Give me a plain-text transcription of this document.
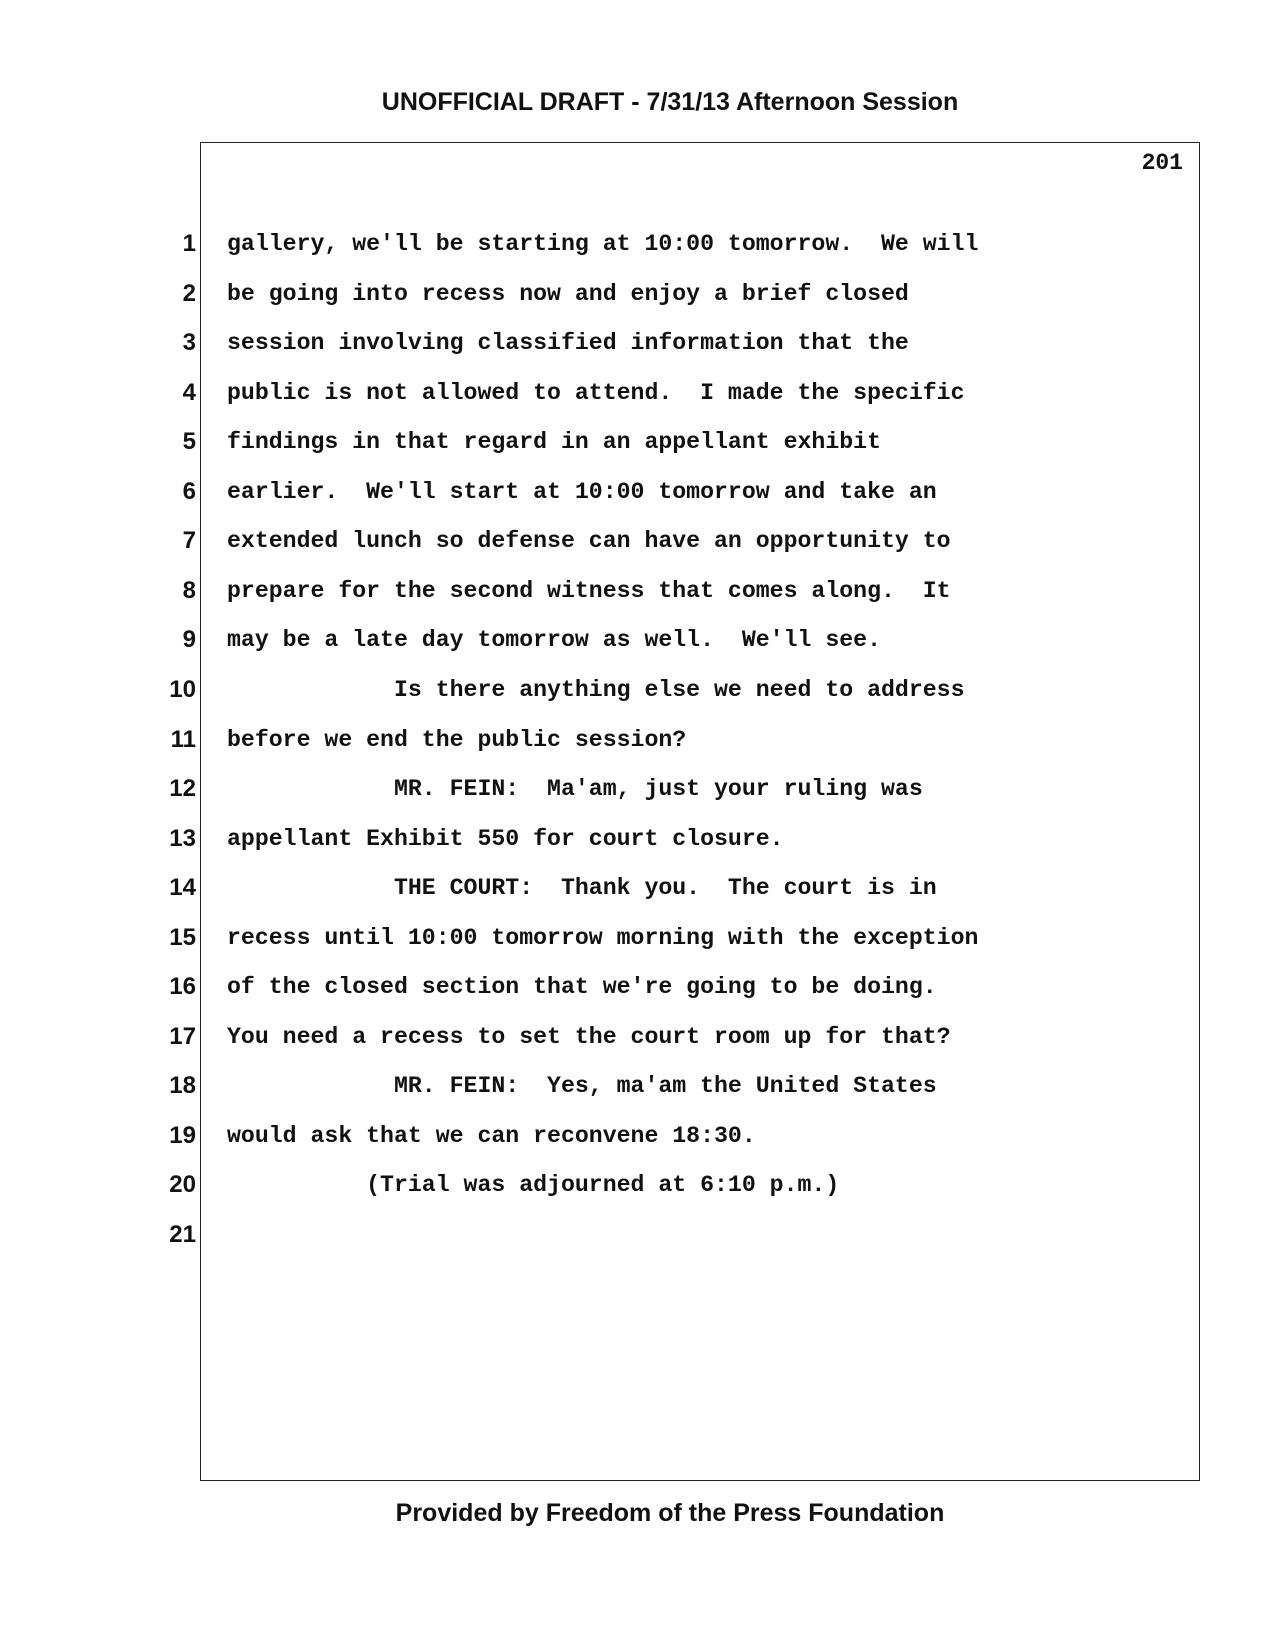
UNOFFICIAL DRAFT - 7/31/13 Afternoon Session
201
1
2
3
4
5
6
7
8
9
10
11
12
13
14
15
16
17
18
19
20
21
gallery, we'll be starting at 10:00 tomorrow.  We will
be going into recess now and enjoy a brief closed
session involving classified information that the
public is not allowed to attend.  I made the specific
findings in that regard in an appellant exhibit
earlier.  We'll start at 10:00 tomorrow and take an
extended lunch so defense can have an opportunity to
prepare for the second witness that comes along.  It
may be a late day tomorrow as well.  We'll see.
Is there anything else we need to address
before we end the public session?
MR. FEIN:  Ma'am, just your ruling was
appellant Exhibit 550 for court closure.
THE COURT:  Thank you.  The court is in
recess until 10:00 tomorrow morning with the exception
of the closed section that we're going to be doing.
You need a recess to set the court room up for that?
MR. FEIN:  Yes, ma'am the United States
would ask that we can reconvene 18:30.
(Trial was adjourned at 6:10 p.m.)
Provided by Freedom of the Press Foundation
